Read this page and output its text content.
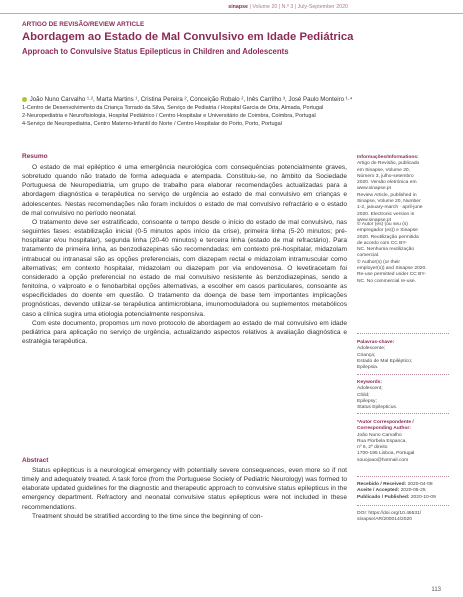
sinapse | Volume 20 | N.º 3 | July-September 2020
ARTIGO DE REVISÃO/REVIEW ARTICLE
Abordagem ao Estado de Mal Convulsivo em Idade Pediátrica
Approach to Convulsive Status Epilepticus in Children and Adolescents
João Nuno Carvalho ¹·², Marta Martins ¹, Cristina Pereira ², Conceição Robalo ², Inês Carrilho ³, José Paulo Monteiro ¹·⁴
1-Centro de Desenvolvimento da Criança Torrado da Silva, Serviço de Pediatria / Hospital Garcia de Orta, Almada, Portugal
2-Neuropediatria e Neurofisiologia, Hospital Pediátrico / Centro Hospitalar e Universitário de Coimbra, Coimbra, Portugal
4-Serviço de Neuropediatria, Centro Materno-Infantil do Norte / Centro Hospitalar do Porto, Porto, Portugal
Resumo

O estado de mal epiléptico é uma emergência neurológica com consequências potencialmente graves, sobretudo quando não tratado de forma adequada e atempada. Constituiu-se, no âmbito da Sociedade Portuguesa de Neuropediatria, um grupo de trabalho para elaborar recomendações actualizadas para a abordagem diagnóstica e terapêutica no serviço de urgência ao estado de mal convulsivo em crianças e adolescentes. Nestas recomendações não foram incluídos o estado de mal convulsivo refractário e o estado de mal convulsivo no período neonatal.

O tratamento deve ser estratificado, consoante o tempo desde o início do estado de mal convulsivo, nas seguintes fases: estabilização inicial (0-5 minutos após início da crise), primeira linha (5-20 minutos; pré-hospitalar e/ou hospitalar), segunda linha (20-40 minutos) e terceira linha (estado de mal refractário). Para tratamento de primeira linha, as benzodiazepinas são recomendadas: em contexto pré-hospitalar, midazolam intrabucal ou intranasal são as opções preferenciais, com diazepam rectal e midazolam intramuscular como alternativas; em contexto hospitalar, midazolam ou diazepam por via endovenosa. O levetiracetam foi considerado a opção preferencial no estado de mal convulsivo resistente às benzodiazepinas, sendo a fenitoína, o valproato e o fenobarbital opções alternativas, a escolher em casos particulares, consoante as especificidades do doente em questão. O tratamento da doença de base tem importantes implicações prognósticas, devendo utilizar-se terapêutica antimicrobiana, imunomoduladora ou suplementos metabólicos caso a clínica sugira uma etiologia potencialmente responsiva.

Com este documento, propomos um novo protocolo de abordagem ao estado de mal convulsivo em idade pediátrica para aplicação no serviço de urgência, actualizando aspectos relativos à avaliação diagnóstica e estratégia terapêutica.

Abstract

Status epilepticus is a neurological emergency with potentially severe consequences, even more so if not timely and adequately treated. A task force (from the Portuguese Society of Pediatric Neurology) was formed to elaborate updated guidelines for the diagnostic and therapeutic approach to convulsive status epilepticus in the emergency department. Refractory and neonatal convulsive status epilepticus were not included in these recommendations.

Treatment should be stratified according to the time since the beginning of con-

Informações/Informations:
Artigo de Revisão, publicado
em Sinapse, Volume 20,
Número 3, julho-setembro
2020. Versão eletrónica em
www.sinapse.pt
Review Article, published in
Sinapse, Volume 20, Number
1-2, january-march · april-june
2020. Electronic version in
www.sinapse.pt
© Autor (es) (ou seu (s)
empregador (es)) e Sinapse
2020. Reutilização permitida
de acordo com CC BY-
NC. Nenhuma reutilização
comercial.
© Author(s) (or their
employer(s)) and Sinapse 2020.
Re-use permitted under CC BY-
NC. No commercial re-use.
Palavras-chave:
Adolescente;
Criança;
Estado de Mal Epiléptico;
Epilepsia.
Keywords:
Adolescent;
Child;
Epilepsy;
Status Epilepticus.
*Autor Correspondente /
Corresponding Author:
João Nuno Carvalho
Rua Florbela Espanca,
nº 6, 2º direito
1700-195 Lisboa, Portugal
souojoao@hotmail.com
Recebido / Received: 2020-04-08
Aceite / Accepted: 2020-05-25
Publicado / Published: 2020-10-09
DOI: https://doi.org/10.46531/
sinapse/AR/200014/2020
113
